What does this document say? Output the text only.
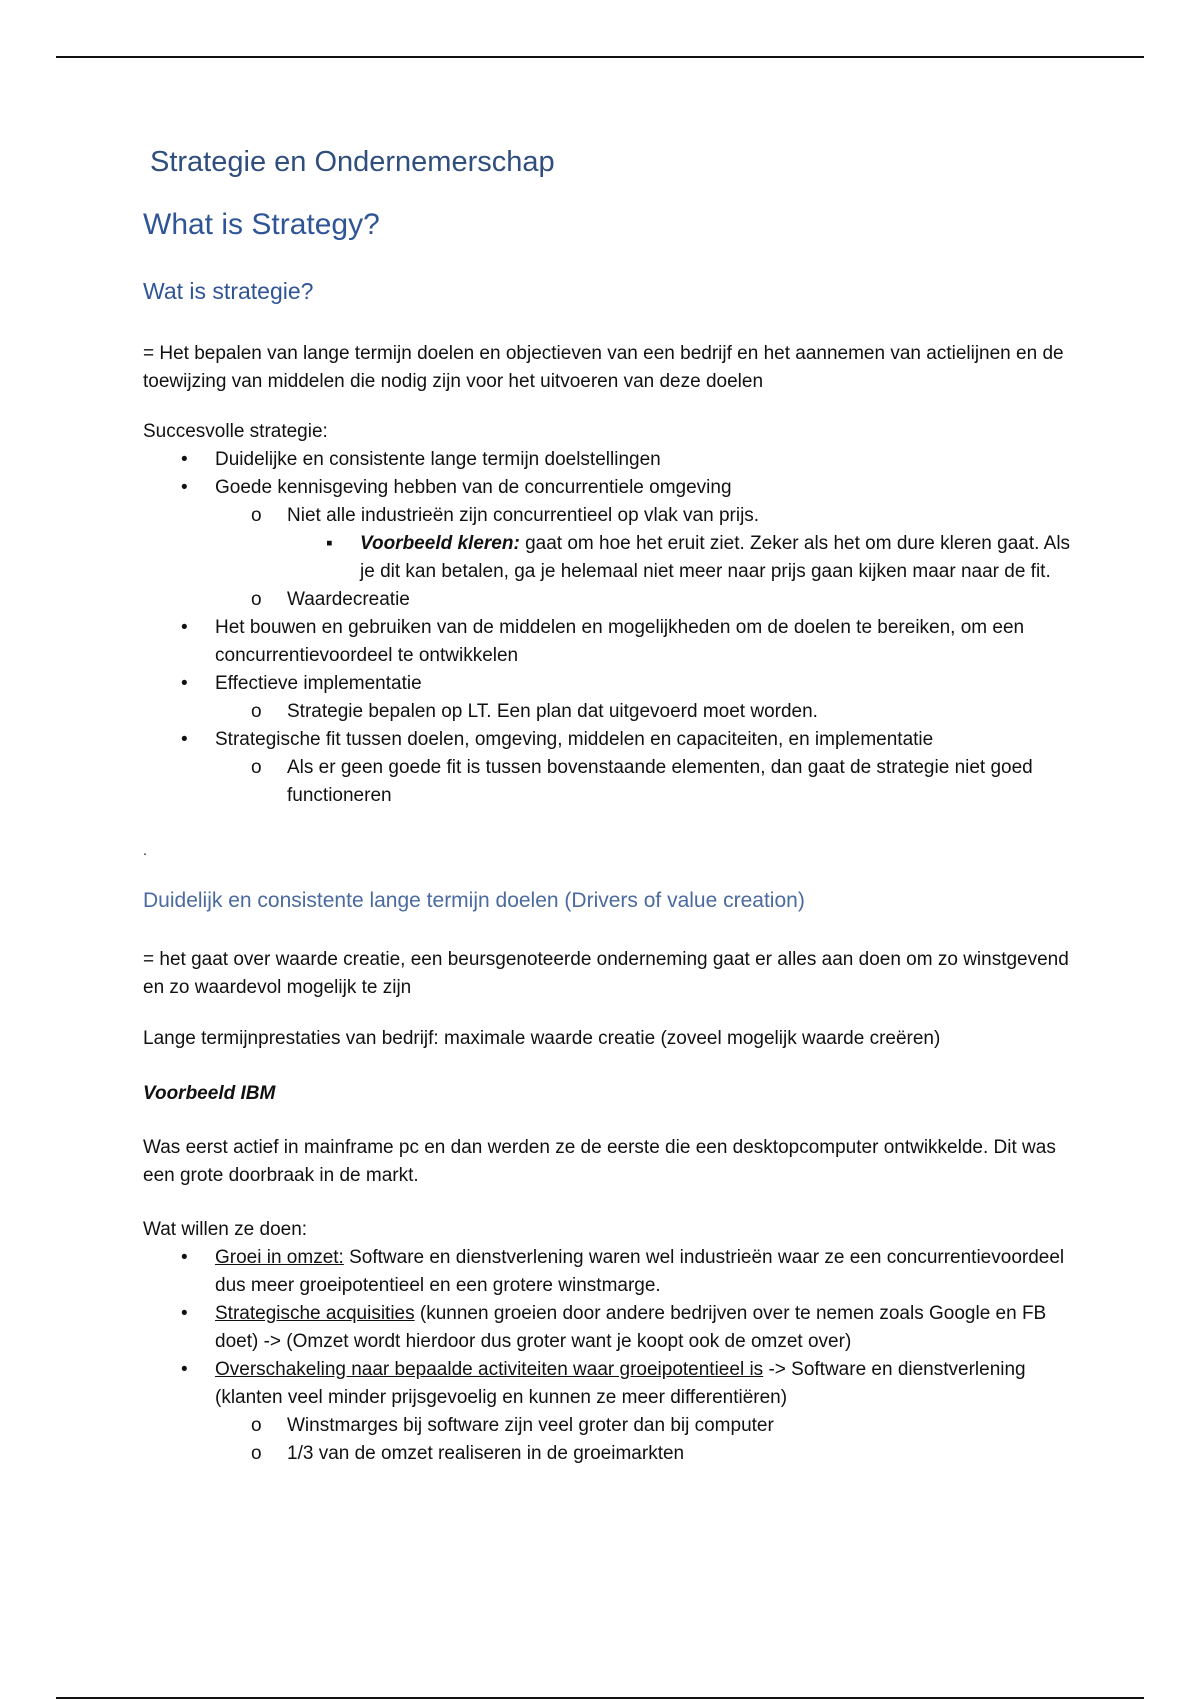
Strategie en Ondernemerschap
What is Strategy?
Wat is strategie?

= Het bepalen van lange termijn doelen en objectieven van een bedrijf en het aannemen van actielijnen en de toewijzing van middelen die nodig zijn voor het uitvoeren van deze doelen

Succesvolle strategie:

• Duidelijke en consistente lange termijn doelstellingen
• Goede kennisgeving hebben van de concurrentiele omgeving
o Niet alle industrieën zijn concurrentieel op vlak van prijs.
▪ Voorbeeld kleren: gaat om hoe het eruit ziet. Zeker als het om dure kleren gaat. Als je dit kan betalen, ga je helemaal niet meer naar prijs gaan kijken maar naar de fit.
o Waardecreatie
• Het bouwen en gebruiken van de middelen en mogelijkheden om de doelen te bereiken, om een concurrentievoordeel te ontwikkelen
• Effectieve implementatie
o Strategie bepalen op LT. Een plan dat uitgevoerd moet worden.
• Strategische fit tussen doelen, omgeving, middelen en capaciteiten, en implementatie
o Als er geen goede fit is tussen bovenstaande elementen, dan gaat de strategie niet goed functioneren
.
Duidelijk en consistente lange termijn doelen (Drivers of value creation)

= het gaat over waarde creatie, een beursgenoteerde onderneming gaat er alles aan doen om zo winstgevend en zo waardevol mogelijk te zijn

Lange termijnprestaties van bedrijf: maximale waarde creatie (zoveel mogelijk waarde creëren)

Voorbeeld IBM

Was eerst actief in mainframe pc en dan werden ze de eerste die een desktopcomputer ontwikkelde. Dit was een grote doorbraak in de markt.

Wat willen ze doen:

• Groei in omzet: Software en dienstverlening waren wel industrieën waar ze een concurrentievoordeel dus meer groeipotentieel en een grotere winstmarge.
• Strategische acquisities (kunnen groeien door andere bedrijven over te nemen zoals Google en FB doet) -> (Omzet wordt hierdoor dus groter want je koopt ook de omzet over)
• Overschakeling naar bepaalde activiteiten waar groeipotentieel is -> Software en dienstverlening (klanten veel minder prijsgevoelig en kunnen ze meer differentiëren)
o Winstmarges bij software zijn veel groter dan bij computer
o 1/3 van de omzet realiseren in de groeimarkten
